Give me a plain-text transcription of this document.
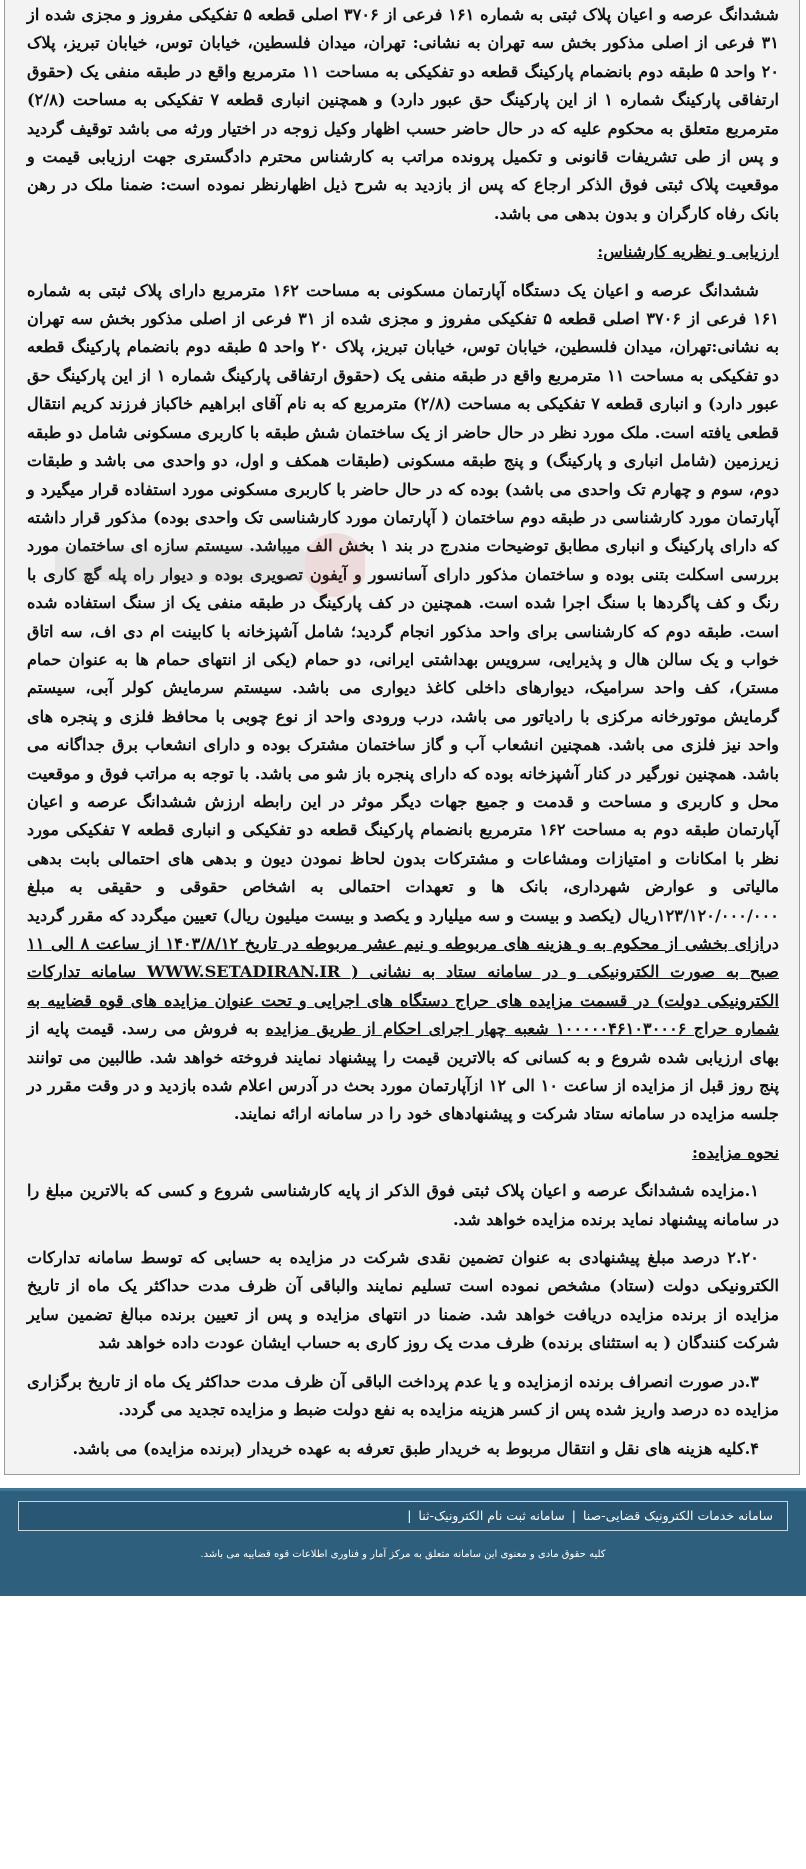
ششدانگ عرصه و اعیان پلاک ثبتی به شماره ۱۶۱ فرعی از ۳۷۰۶ اصلی قطعه ۵ تفکیکی مفروز و مجزی شده از ۳۱ فرعی از اصلی مذکور بخش سه تهران به نشانی: تهران، میدان فلسطین، خیابان توس، خیابان تبریز، پلاک ۲۰ واحد ۵ طبقه دوم بانضمام پارکینگ قطعه دو تفکیکی به مساحت ۱۱ مترمربع واقع در طبقه منفی یک (حقوق ارتفاقی پارکینگ شماره ۱ از این پارکینگ حق عبور دارد) و همچنین انباری قطعه ۷ تفکیکی به مساحت (۲/۸) مترمربع متعلق به محکوم علیه که در حال حاضر حسب اظهار وکیل زوجه در اختیار ورثه می باشد توقیف گردید و پس از طی تشریفات قانونی و تکمیل پرونده مراتب به کارشناس محترم دادگستری جهت ارزیابی قیمت و موقعیت پلاک ثبتی فوق الذکر ارجاع که پس از بازدید به شرح ذیل اظهارنظر نموده است: ضمنا ملک در رهن بانک رفاه کارگران و بدون بدهی می باشد.

ارزیابی و نظریه کارشناس:

ششدانگ عرصه و اعیان یک دستگاه آپارتمان مسکونی به مساحت ۱۶۲ مترمربع دارای پلاک ثبتی به شماره ۱۶۱ فرعی از ۳۷۰۶ اصلی قطعه ۵ تفکیکی مفروز و مجزی شده از ۳۱ فرعی از اصلی مذکور بخش سه تهران به نشانی:تهران، میدان فلسطین، خیابان توس، خیابان تبریز، پلاک ۲۰ واحد ۵ طبقه دوم بانضمام پارکینگ قطعه دو تفکیکی به مساحت ۱۱ مترمربع واقع در طبقه منفی یک (حقوق ارتفاقی پارکینگ شماره ۱ از این پارکینگ حق عبور دارد) و انباری قطعه ۷ تفکیکی به مساحت (۲/۸) مترمربع که به نام آقای ابراهیم خاکباز فرزند کریم انتقال قطعی یافته است. ملک مورد نظر در حال حاضر از یک ساختمان شش طبقه با کاربری مسکونی شامل دو طبقه زیرزمین (شامل انباری و پارکینگ) و پنج طبقه مسکونی (طبقات همکف و اول، دو واحدی می باشد و طبقات دوم، سوم و چهارم تک واحدی می باشد) بوده که در حال حاضر با کاربری مسکونی مورد استفاده قرار میگیرد و آپارتمان مورد کارشناسی در طبقه دوم ساختمان ( آپارتمان مورد کارشناسی تک واحدی بوده) مذکور قرار داشته که دارای پارکینگ و انباری مطابق توضیحات مندرج در بند ۱ بخش الف میباشد. سیستم سازه ای ساختمان مورد بررسی اسکلت بتنی بوده و ساختمان مذکور دارای آسانسور و آیفون تصویری بوده و دیوار راه پله گچ کاری با رنگ و کف پاگردها با سنگ اجرا شده است. همچنین در کف پارکینگ در طبقه منفی یک از سنگ استفاده شده است. طبقه دوم که کارشناسی برای واحد مذکور انجام گردید؛ شامل آشپزخانه با کابینت ام دی اف، سه اتاق خواب و یک سالن هال و پذیرایی، سرویس بهداشتی ایرانی، دو حمام (یکی از انتهای حمام ها به عنوان حمام مستر)، کف واحد سرامیک، دیوارهای داخلی کاغذ دیواری می باشد. سیستم سرمایش کولر آبی، سیستم گرمایش موتورخانه مرکزی با رادیاتور می باشد، درب ورودی واحد از نوع چوبی با محافظ فلزی و پنجره های واحد نیز فلزی می باشد. همچنین انشعاب آب و گاز ساختمان مشترک بوده و دارای انشعاب برق جداگانه می باشد. همچنین نورگیر در کنار آشپزخانه بوده که دارای پنجره باز شو می باشد. با توجه به مراتب فوق و موقعیت محل و کاربری و مساحت و قدمت و جمیع جهات دیگر موثر در این رابطه ارزش ششدانگ عرصه و اعیان آپارتمان طبقه دوم به مساحت ۱۶۲ مترمربع بانضمام پارکینگ قطعه دو تفکیکی و انباری قطعه ۷ تفکیکی مورد نظر با امکانات و امتیازات ومشاعات و مشترکات بدون لحاظ نمودن دیون و بدهی های احتمالی بابت بدهی مالیاتی و عوارض شهرداری، بانک ها و تعهدات احتمالی به اشخاص حقوقی و حقیقی به مبلغ ۱۲۳/۱۲۰/۰۰۰/۰۰۰ریال (یکصد و بیست و سه میلیارد و یکصد و بیست میلیون ریال) تعیین میگردد که مقرر گردید درازای بخشی از محکوم به و هزینه های مربوطه و نیم عشر مربوطه در تاریخ ۱۴۰۳/۸/۱۲ از ساعت ۸ الی ۱۱ صبح به صورت الکترونیکی و در سامانه ستاد به نشانی ( WWW.SETADIRAN.IR سامانه تدارکات الکترونیکی دولت) در قسمت مزایده های حراج دستگاه های اجرایی و تحت عنوان مزایده های قوه قضاییه به شماره حراج ۱۰۰۰۰۰۴۶۱۰۳۰۰۰۶ شعبه چهار اجرای احکام از طریق مزایده به فروش می رسد. قیمت پایه از بهای ارزیابی شده شروع و به کسانی که بالاترین قیمت را پیشنهاد نمایند فروخته خواهد شد. طالبین می توانند پنج روز قبل از مزایده از ساعت ۱۰ الی ۱۲ ازآپارتمان مورد بحث در آدرس اعلام شده بازدید و در وقت مقرر در جلسه مزایده در سامانه ستاد شرکت و پیشنهادهای خود را در سامانه ارائه نمایند.

نحوه مزایده:

۱.مزایده ششدانگ عرصه و اعیان پلاک ثبتی فوق الذکر از پایه کارشناسی شروع و کسی که بالاترین مبلغ را در سامانه پیشنهاد نماید برنده مزایده خواهد شد.

۲.۲۰ درصد مبلغ پیشنهادی به عنوان تضمین نقدی شرکت در مزایده به حسابی که توسط سامانه تدارکات الکترونیکی دولت (ستاد) مشخص نموده است تسلیم نمایند والباقی آن ظرف مدت حداکثر یک ماه از تاریخ مزایده از برنده مزایده دریافت خواهد شد. ضمنا در انتهای مزایده و پس از تعیین برنده مبالغ تضمین سایر شرکت کنندگان ( به استثنای برنده) ظرف مدت یک روز کاری به حساب ایشان عودت داده خواهد شد

۳.در صورت انصراف برنده ازمزایده و یا عدم پرداخت الباقی آن ظرف مدت حداکثر یک ماه از تاریخ برگزاری مزایده ده درصد واریز شده پس از کسر هزینه مزایده به نفع دولت ضبط و مزایده تجدید می گردد.

۴.کلیه هزینه های نقل و انتقال مربوط به خریدار طبق تعرفه به عهده خریدار (برنده مزایده) می باشد.

سامانه خدمات الکترونیک قضایی-صنا|سامانه ثبت نام الکترونیک-ثنا|
کلیه حقوق مادی و معنوی این سامانه متعلق به مرکز آمار و فناوری اطلاعات قوه قضاییه می باشد.
